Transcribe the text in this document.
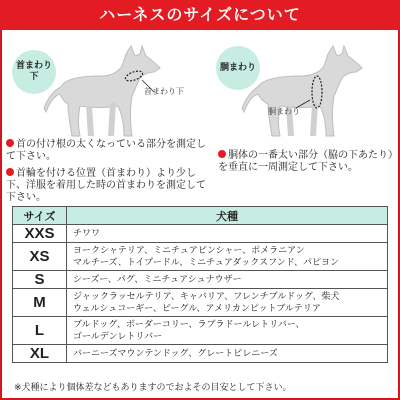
ハーネスのサイズについて
首まわり下
首まわり下
胴まわり
胴まわり
首の付け根の太くなっている部分を測定して下さい。
首輪を付ける位置（首まわり）より少し下、洋服を着用した時の首まわりを測定して下さい。
胴体の一番太い部分（脇の下あたり）を垂直に一周測定して下さい。
サイズ	犬種
XXS	チワワ

XS	ヨークシャテリア、ミニチュアピンシャー、ポメラニアン
マルチーズ、トイプードル、ミニチュアダックスフンド、パピヨン

S	シーズー、パグ、ミニチュアシュナウザー

M	ジャックラッセルテリア、キャバリア、フレンチブルドッグ、柴犬
ウェルシュコーギー、ビーグル、アメリカンピットブルテリア

L	ブルドッグ、ボーダーコリー、ラブラドールレトリバー、
ゴールデンレトリバー

XL	バーニーズマウンテンドッグ、グレートピレニーズ
※犬種により個体差などもありますのでおよその目安として下さい。
